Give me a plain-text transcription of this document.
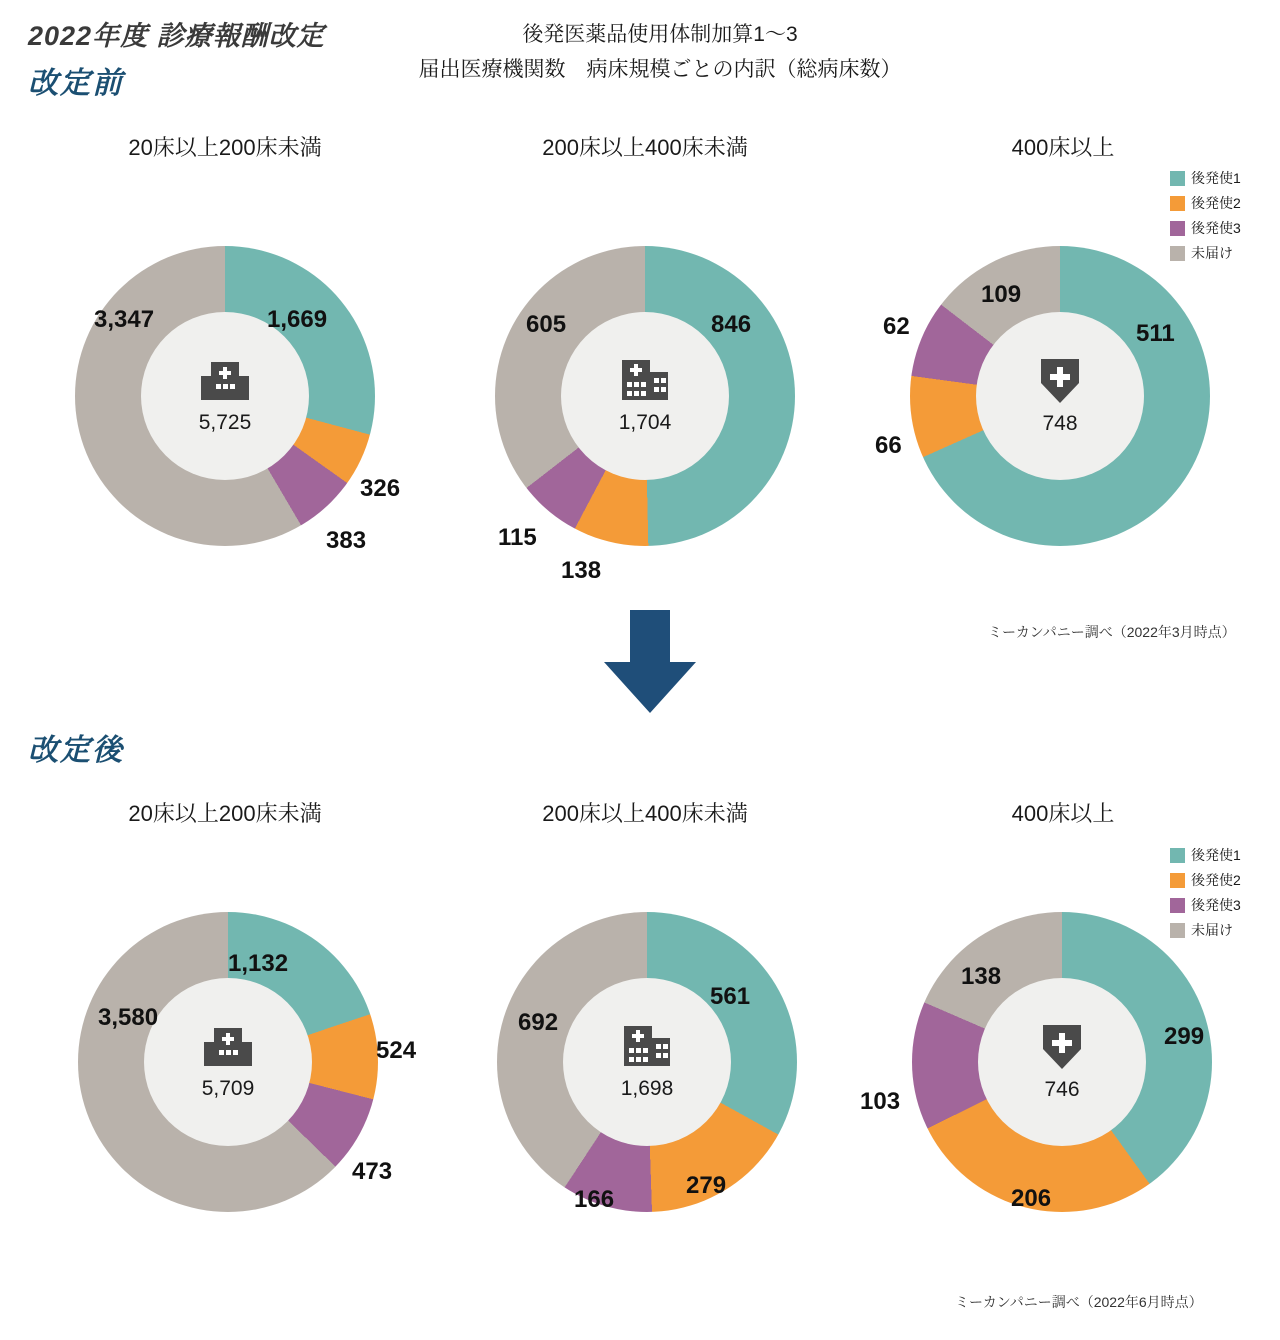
2022年度 診療報酬改定	後発医薬品使用体制加算1〜3
届出医療機関数　病床規模ごとの内訳（総病床数）
改定前
改定後
20床以上200床未満	200床以上400床未満	400床以上
20床以上200床未満	200床以上400床未満	400床以上
5,725
1,669
326
383
3,347
1,704
846
138
115
605
748
511
66
62
109
5,709
1,132
524
473
3,580
1,698
561
279
166
692
746
299
206
103
138
後発使1
後発使2
後発使3
未届け
後発使1
後発使2
後発使3
未届け
ミーカンパニー調べ（2022年3月時点）
ミーカンパニー調べ（2022年6月時点）
